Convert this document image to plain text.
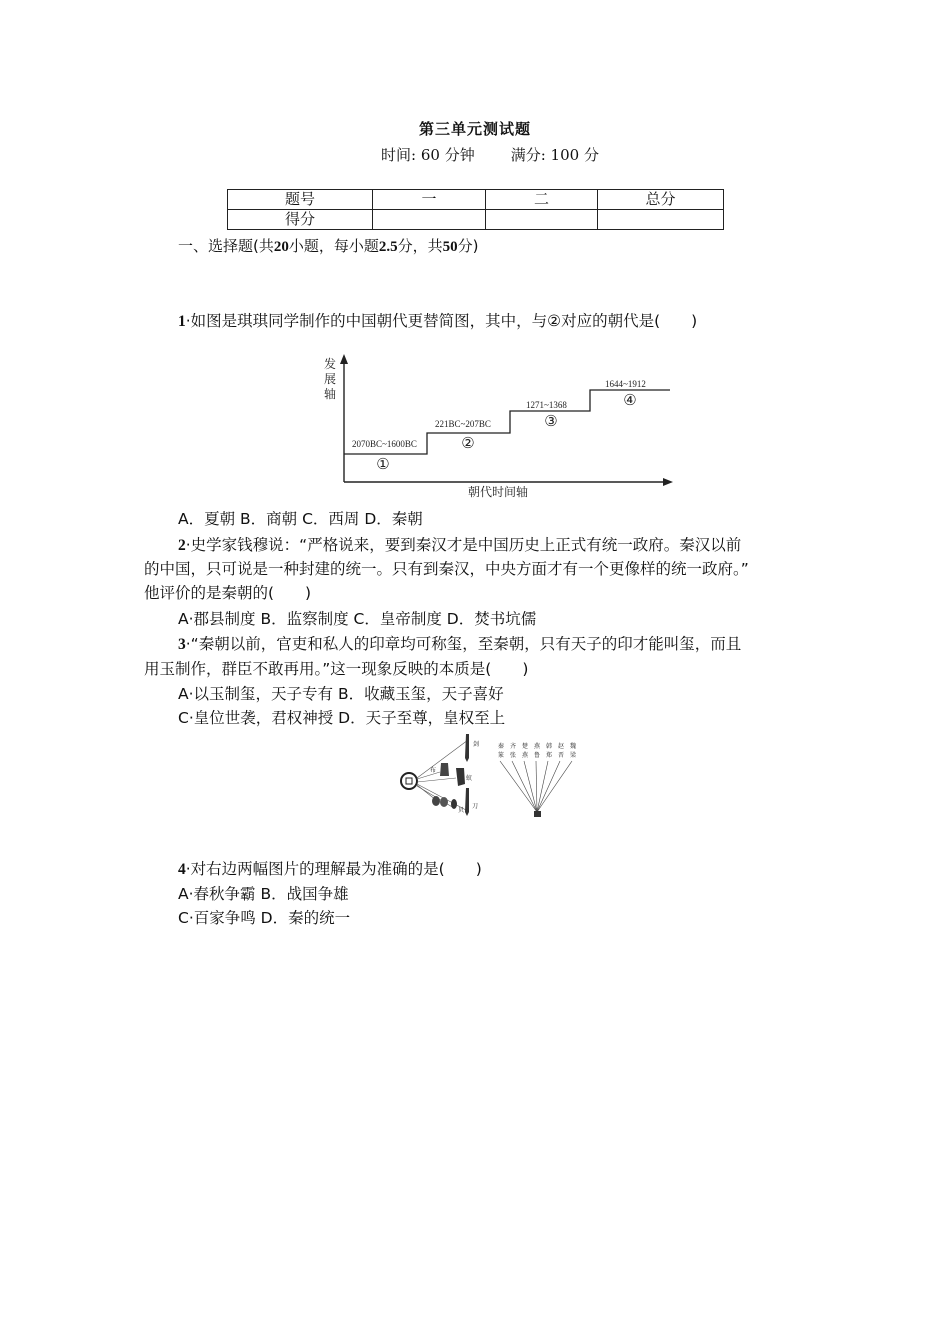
第三单元测试题
时间: 60 分钟 满分: 100 分
题号	一	二	总分
得分			
一、选择题(共20小题，每小题2.5分，共50分)
1·如图是琪琪同学制作的中国朝代更替简图，其中，与②对应的朝代是(　　)
发
展
轴
朝代时间轴
2070BC~1600BC
①
221BC~207BC
②
1271~1368
③
1644~1912
④
A．夏朝 B．商朝 C．西周 D．秦朝
2·史学家钱穆说：“严格说来，要到秦汉才是中国历史上正式有统一政府。秦汉以前
的中国，只可说是一种封建的统一。只有到秦汉，中央方面才有一个更像样的统一政府。”
他评价的是秦朝的(　　)
A·郡县制度 B．监察制度 C．皇帝制度 D．焚书坑儒
3·“秦朝以前，官吏和私人的印章均可称玺，至秦朝，只有天子的印才能叫玺，而且
用玉制作，群臣不敢再用。”这一现象反映的本质是(　　)
A·以玉制玺，天子专有 B．收藏玉玺，天子喜好
C·皇位世袭，君权神授 D．天子至尊，皇权至上
剑
布
蚁
刀
贝
秦 齐 楚 燕 韩 赵 魏
篆 张 燕 鲁 郑 晋 梁
4·对右边两幅图片的理解最为准确的是(　　)
A·春秋争霸 B．战国争雄
C·百家争鸣 D．秦的统一
